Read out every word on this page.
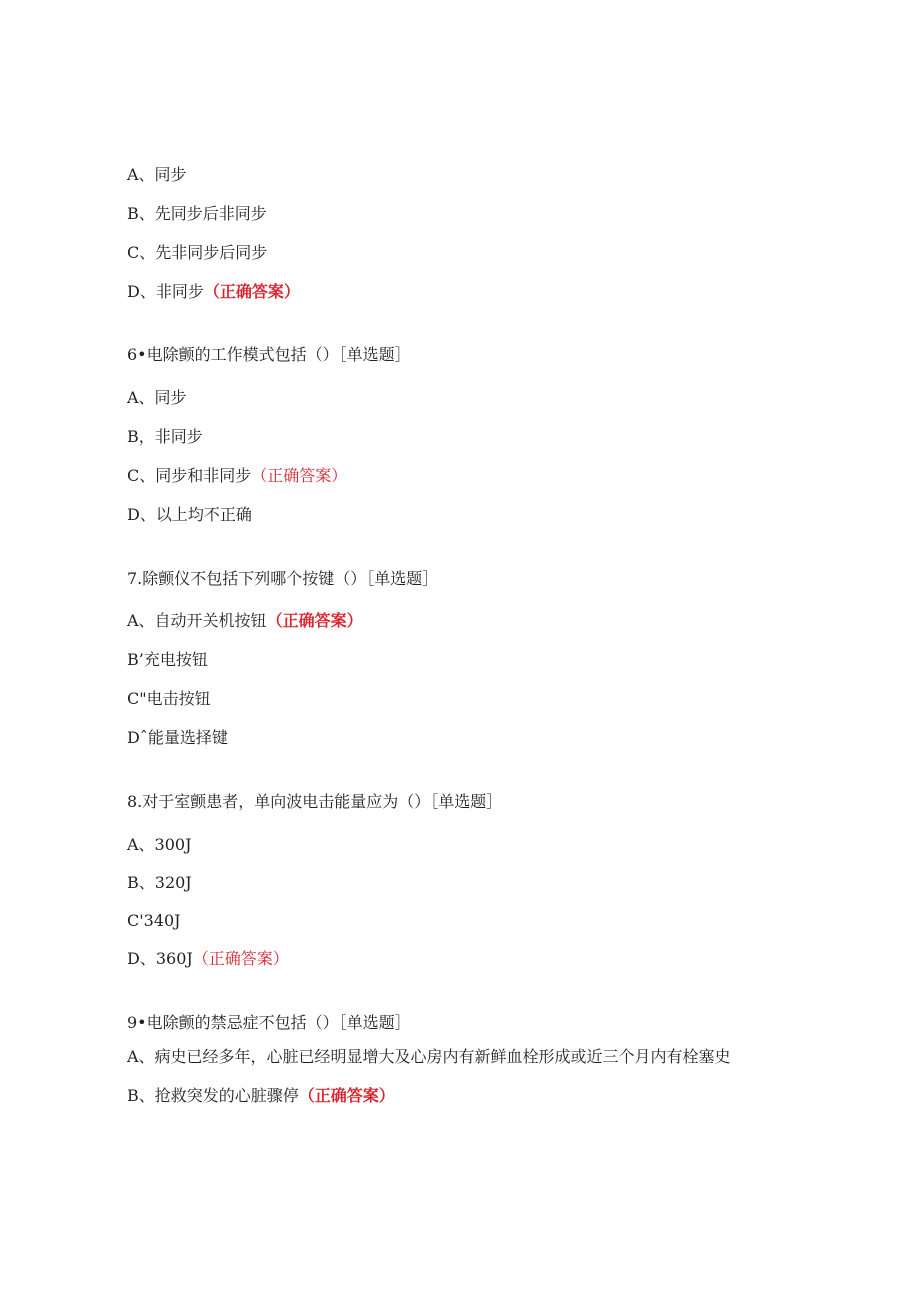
A、同步
B、先同步后非同步
C、先非同步后同步
D、非同步（正确答案）
6•电除颤的工作模式包括（）［单选题］
A、同步
B，非同步
C、同步和非同步（正确答案）
D、以上均不正确
7.除颤仪不包括下列哪个按键（）［单选题］
A、自动开关机按钮（正确答案）
B’充电按钮
C"电击按钮
Dˆ能量选择键
8.对于室颤患者，单向波电击能量应为（）［单选题］
A、300J
B、320J
C'340J
D、360J（正确答案）
9•电除颤的禁忌症不包括（）［单选题］
A、病史已经多年，心脏已经明显增大及心房内有新鲜血栓形成或近三个月内有栓塞史
B、抢救突发的心脏骤停（正确答案）
